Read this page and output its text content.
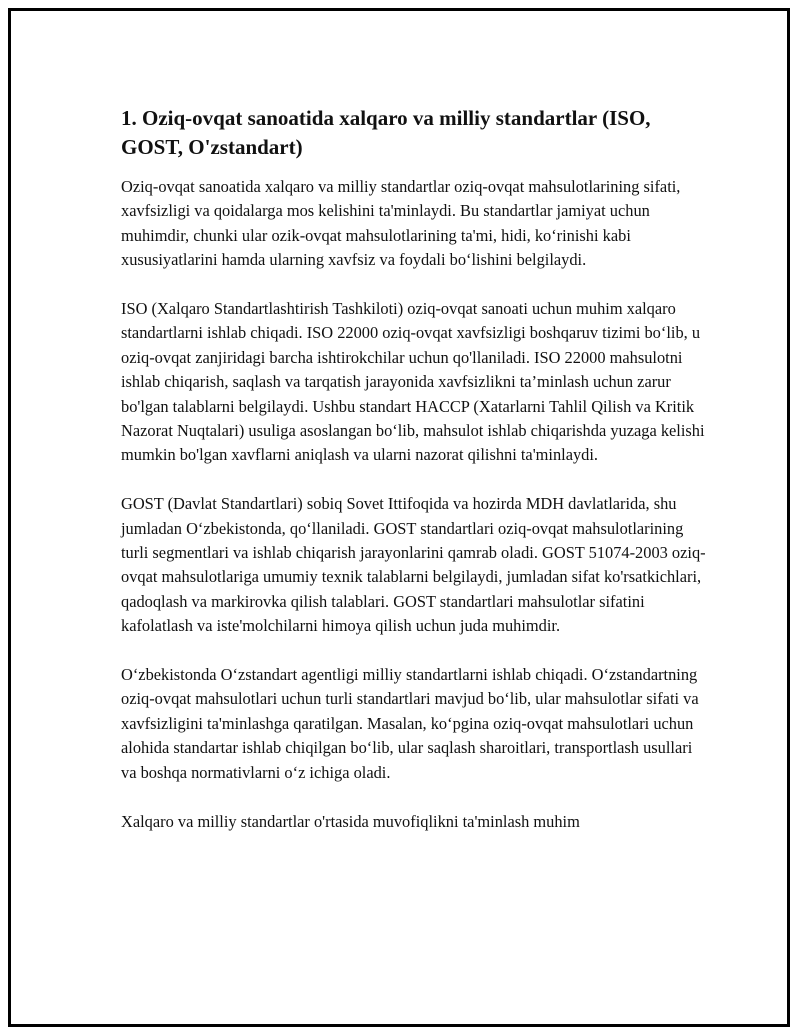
1. Oziq-ovqat sanoatida xalqaro va milliy standartlar (ISO, GOST, O'zstandart)

Oziq-ovqat sanoatida xalqaro va milliy standartlar oziq-ovqat mahsulotlarining sifati, xavfsizligi va qoidalarga mos kelishini ta'minlaydi. Bu standartlar jamiyat uchun muhimdir, chunki ular ozik-ovqat mahsulotlarining ta'mi, hidi, ko‘rinishi kabi xususiyatlarini hamda ularning xavfsiz va foydali bo‘lishini belgilaydi.

ISO (Xalqaro Standartlashtirish Tashkiloti) oziq-ovqat sanoati uchun muhim xalqaro standartlarni ishlab chiqadi. ISO 22000 oziq-ovqat xavfsizligi boshqaruv tizimi bo‘lib, u oziq-ovqat zanjiridagi barcha ishtirokchilar uchun qo'llaniladi. ISO 22000 mahsulotni ishlab chiqarish, saqlash va tarqatish jarayonida xavfsizlikni ta’minlash uchun zarur bo'lgan talablarni belgilaydi. Ushbu standart HACCP (Xatarlarni Tahlil Qilish va Kritik Nazorat Nuqtalari) usuliga asoslangan bo‘lib, mahsulot ishlab chiqarishda yuzaga kelishi mumkin bo'lgan xavflarni aniqlash va ularni nazorat qilishni ta'minlaydi.

GOST (Davlat Standartlari) sobiq Sovet Ittifoqida va hozirda MDH davlatlarida, shu jumladan O‘zbekistonda, qo‘llaniladi. GOST standartlari oziq-ovqat mahsulotlarining turli segmentlari va ishlab chiqarish jarayonlarini qamrab oladi. GOST 51074-2003 oziq-ovqat mahsulotlariga umumiy texnik talablarni belgilaydi, jumladan sifat ko'rsatkichlari, qadoqlash va markirovka qilish talablari. GOST standartlari mahsulotlar sifatini kafolatlash va iste'molchilarni himoya qilish uchun juda muhimdir.

O‘zbekistonda O‘zstandart agentligi milliy standartlarni ishlab chiqadi. O‘zstandartning oziq-ovqat mahsulotlari uchun turli standartlari mavjud bo‘lib, ular mahsulotlar sifati va xavfsizligini ta'minlashga qaratilgan. Masalan, ko‘pgina oziq-ovqat mahsulotlari uchun alohida standartar ishlab chiqilgan bo‘lib, ular saqlash sharoitlari, transportlash usullari va boshqa normativlarni o‘z ichiga oladi.

Xalqaro va milliy standartlar o'rtasida muvofiqlikni ta'minlash muhim
